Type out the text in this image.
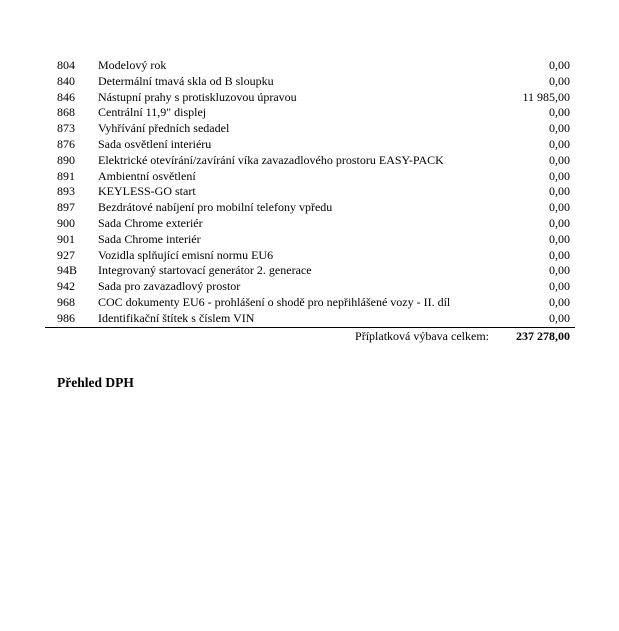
804	Modelový rok	0,00
840	Determální tmavá skla od B sloupku	0,00
846	Nástupní prahy s protiskluzovou úpravou	11 985,00
868	Centrální 11,9" displej	0,00
873	Vyhřívání předních sedadel	0,00
876	Sada osvětlení interiéru	0,00
890	Elektrické otevírání/zavírání víka zavazadlového prostoru EASY-PACK	0,00
891	Ambientní osvětlení	0,00
893	KEYLESS-GO start	0,00
897	Bezdrátové nabíjení pro mobilní telefony vpředu	0,00
900	Sada Chrome exteriér	0,00
901	Sada Chrome interiér	0,00
927	Vozidla splňující emisní normu EU6	0,00
94B	Integrovaný startovací generátor 2. generace	0,00
942	Sada pro zavazadlový prostor	0,00
968	COC dokumenty EU6 - prohlášení o shodě pro nepřihlášené vozy - II. díl	0,00
986	Identifikační štítek s číslem VIN	0,00
Příplatková výbava celkem:	237 278,00
Přehled DPH
